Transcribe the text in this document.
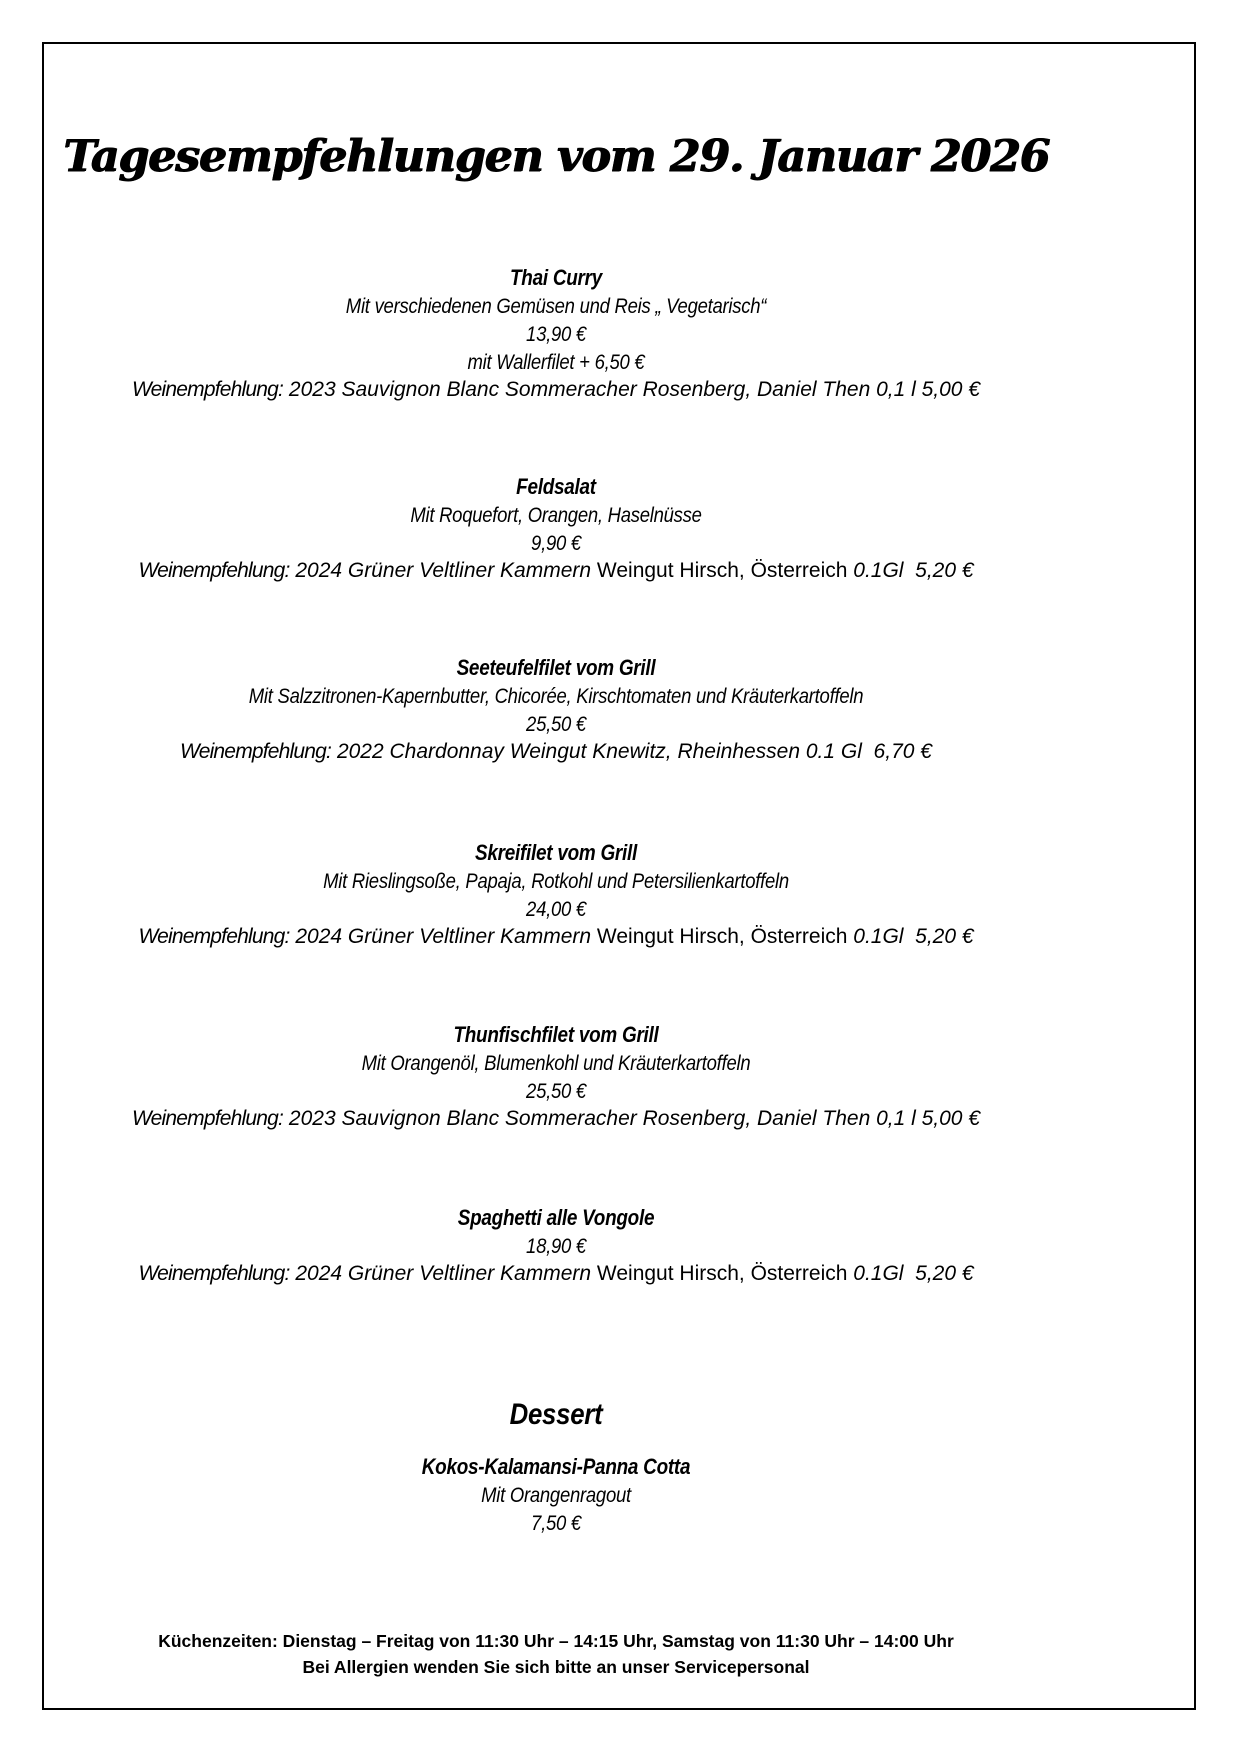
Tagesempfehlungen vom 29. Januar 2026
Thai Curry
Mit verschiedenen Gemüsen und Reis „ Vegetarisch“
13,90 €
mit Wallerfilet + 6,50 €
Weinempfehlung: 2023 Sauvignon Blanc Sommeracher Rosenberg, Daniel Then 0,1 l 5,00 €
Feldsalat
Mit Roquefort, Orangen, Haselnüsse
9,90 €
Weinempfehlung: 2024 Grüner Veltliner Kammern Weingut Hirsch, Österreich 0.1Gl  5,20 €
Seeteufelfilet vom Grill
Mit Salzzitronen-Kapernbutter, Chicorée, Kirschtomaten und Kräuterkartoffeln
25,50 €
Weinempfehlung: 2022 Chardonnay Weingut Knewitz, Rheinhessen 0.1 Gl  6,70 €
Skreifilet vom Grill
Mit Rieslingsoße, Papaja, Rotkohl und Petersilienkartoffeln
24,00 €
Weinempfehlung: 2024 Grüner Veltliner Kammern Weingut Hirsch, Österreich 0.1Gl  5,20 €
Thunfischfilet vom Grill
Mit Orangenöl, Blumenkohl und Kräuterkartoffeln
25,50 €
Weinempfehlung: 2023 Sauvignon Blanc Sommeracher Rosenberg, Daniel Then 0,1 l 5,00 €
Spaghetti alle Vongole
18,90 €
Weinempfehlung: 2024 Grüner Veltliner Kammern Weingut Hirsch, Österreich 0.1Gl  5,20 €
Dessert
Kokos-Kalamansi-Panna Cotta
Mit Orangenragout
7,50 €
Küchenzeiten: Dienstag – Freitag von 11:30 Uhr – 14:15 Uhr, Samstag von 11:30 Uhr – 14:00 Uhr
Bei Allergien wenden Sie sich bitte an unser Servicepersonal
